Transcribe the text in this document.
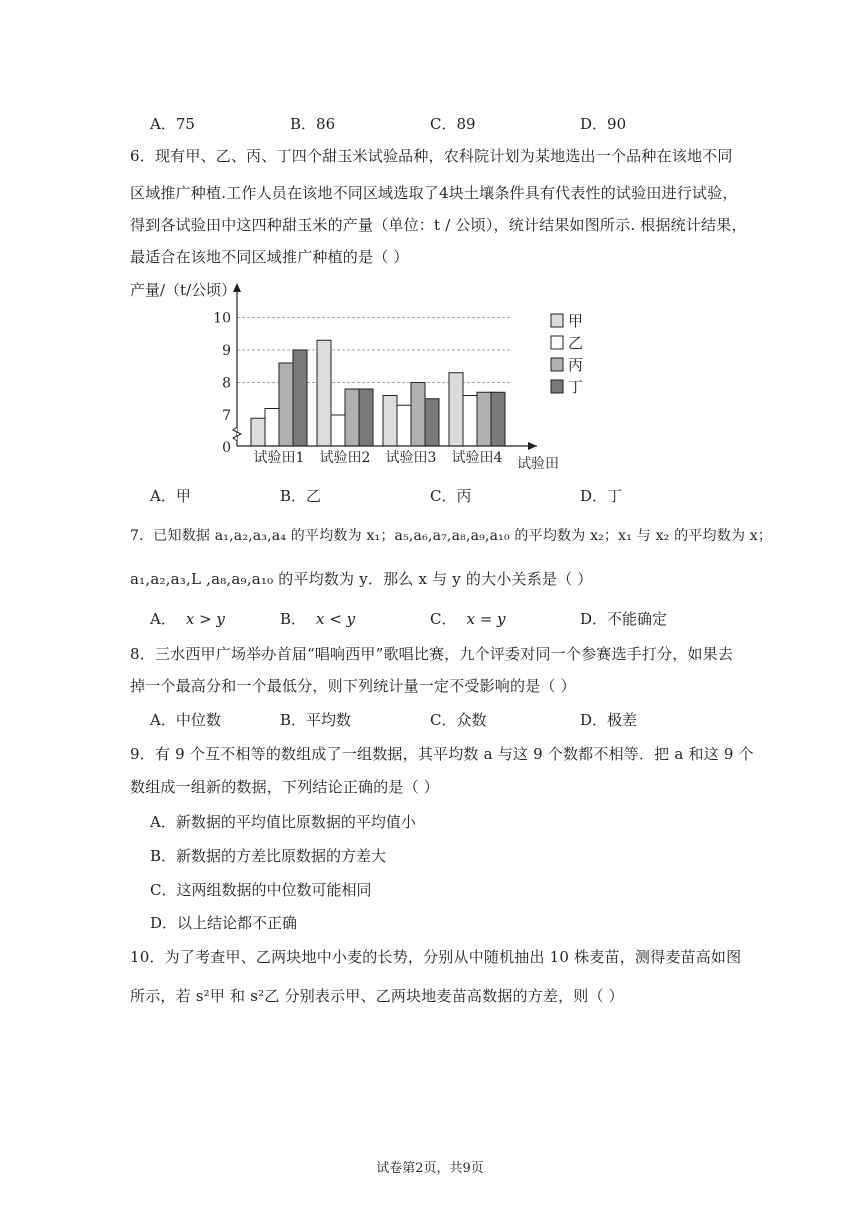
A．75	B．86	C．89	D．90
6．现有甲、乙、丙、丁四个甜玉米试验品种，农科院计划为某地选出一个品种在该地不同
区域推广种植.工作人员在该地不同区域选取了4块土壤条件具有代表性的试验田进行试验，
得到各试验田中这四种甜玉米的产量（单位：t / 公顷），统计结果如图所示. 根据统计结果，
最适合在该地不同区域推广种植的是（ ）
7
8
9
10
0
试验田1 试验田2 试验田3 试验田4 试验田
产量/（t/公顷）
甲
乙
丙
丁
A．甲	B．乙	C．丙	D．丁
7．已知数据 a₁,a₂,a₃,a₄ 的平均数为 x₁；a₅,a₆,a₇,a₈,a₉,a₁₀ 的平均数为 x₂；x₁ 与 x₂ 的平均数为 x；
a₁,a₂,a₃,L ,a₈,a₉,a₁₀ 的平均数为 y．那么 x 与 y 的大小关系是（ ）
A． x > y	B． x < y	C． x = y	D．不能确定
8．三水西甲广场举办首届“唱响西甲”歌唱比赛，九个评委对同一个参赛选手打分，如果去
掉一个最高分和一个最低分，则下列统计量一定不受影响的是（ ）
A．中位数	B．平均数	C．众数	D．极差
9．有 9 个互不相等的数组成了一组数据，其平均数 a 与这 9 个数都不相等．把 a 和这 9 个
数组成一组新的数据，下列结论正确的是（ ）
A．新数据的平均值比原数据的平均值小
B．新数据的方差比原数据的方差大
C．这两组数据的中位数可能相同
D．以上结论都不正确
10．为了考查甲、乙两块地中小麦的长势，分别从中随机抽出 10 株麦苗，测得麦苗高如图
所示，若 s²甲 和 s²乙 分别表示甲、乙两块地麦苗高数据的方差，则（ ）
试卷第2页，共9页
